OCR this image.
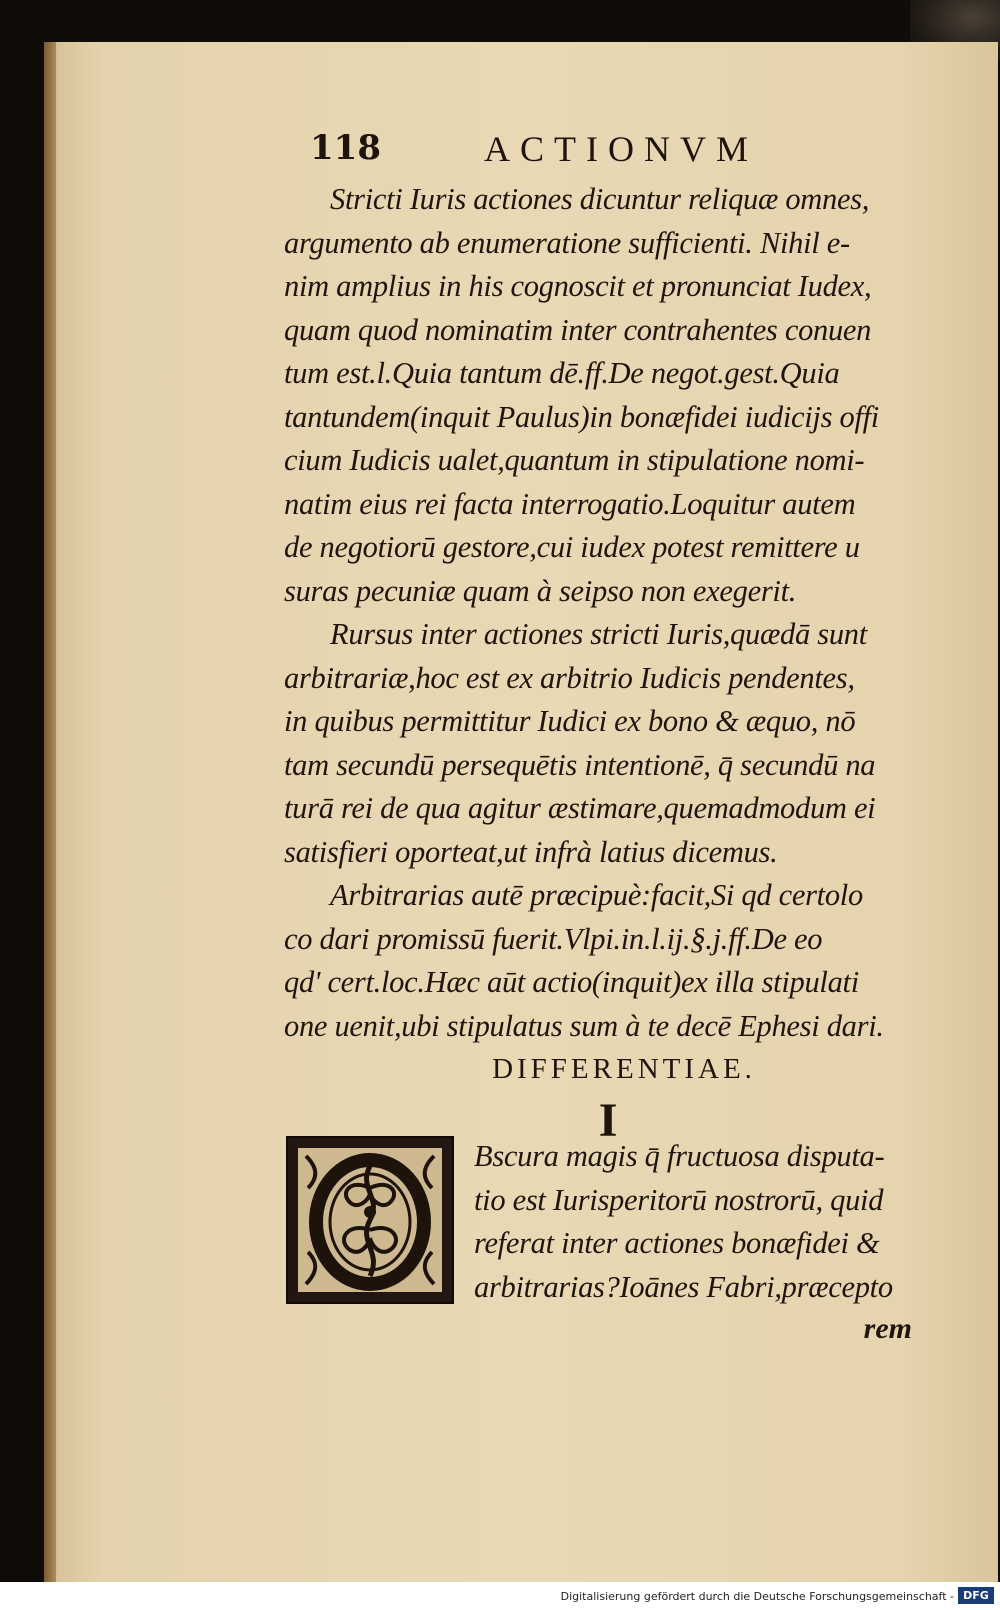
118	ACTIONVM
Stricti Iuris actiones dicuntur reliquæ omnes,
argumento ab enumeratione sufficienti. Nihil e-
nim amplius in his cognoscit et pronunciat Iudex,
quam quod nominatim inter contrahentes conuen
tum est.l.Quia tantum dē.ff.De negot.gest.Quia
tantundem(inquit Paulus)in bonæfidei iudicijs offi
cium Iudicis ualet,quantum in stipulatione nomi-
natim eius rei facta interrogatio.Loquitur autem
de negotiorū gestore,cui iudex potest remittere u
suras pecuniæ quam à seipso non exegerit.
Rursus inter actiones stricti Iuris,quædā sunt
arbitrariæ,hoc est ex arbitrio Iudicis pendentes,
in quibus permittitur Iudici ex bono & æquo, nō
tam secundū persequētis intentionē, q̄ secundū na
turā rei de qua agitur æstimare,quemadmodum ei
satisfieri oporteat,ut infrà latius dicemus.
Arbitrarias autē præcipuè:facit,Si qd certolo
co dari promissū fuerit.Vlpi.in.l.ij.§.j.ff.De eo
qd' cert.loc.Hæc aūt actio(inquit)ex illa stipulati
one uenit,ubi stipulatus sum à te decē Ephesi dari.
DIFFERENTIAE.
I
Bscura magis q̄ fructuosa disputa-
tio est Iurisperitorū nostrorū, quid
referat inter actiones bonæfidei &
arbitrarias?Ioānes Fabri,præcepto
rem
Digitalisierung gefördert durch die Deutsche Forschungsgemeinschaft - DFG
